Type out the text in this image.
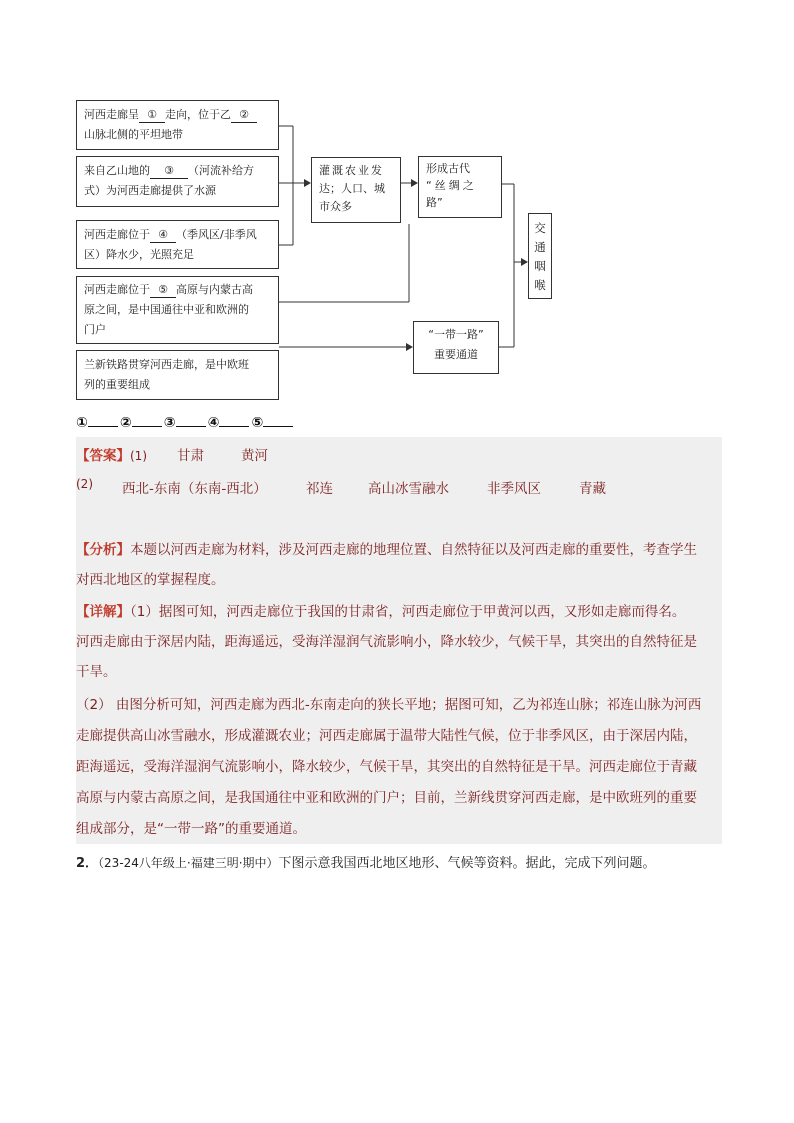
河西走廊呈 ① 走向，位于乙 ②
山脉北侧的平坦地带
来自乙山地的 ③ （河流补给方
式）为河西走廊提供了水源
河西走廊位于 ④ （季风区/非季风
区）降水少，光照充足
河西走廊位于 ⑤ 高原与内蒙古高
原之间，是中国通往中亚和欧洲的
门户
兰新铁路贯穿河西走廊，是中欧班
列的重要组成
灌溉农业发
达；人口、城
市众多
形成古代
“丝绸之
路”
“一带一路”
重要通道
交
通
咽
喉
① ② ③ ④ ⑤
【答案】(1) 甘肃	黄河
(2) 西北-东南（东南-西北）	祁连	高山冰雪融水	非季风区	青藏
【分析】本题以河西走廊为材料，涉及河西走廊的地理位置、自然特征以及河西走廊的重要性，考查学生
对西北地区的掌握程度。
【详解】（1）据图可知，河西走廊位于我国的甘肃省，河西走廊位于甲黄河以西，又形如走廊而得名。
河西走廊由于深居内陆，距海遥远，受海洋湿润气流影响小，降水较少，气候干旱，其突出的自然特征是
干旱。
（2） 由图分析可知，河西走廊为西北-东南走向的狭长平地；据图可知，乙为祁连山脉；祁连山脉为河西
走廊提供高山冰雪融水，形成灌溉农业；河西走廊属于温带大陆性气候，位于非季风区，由于深居内陆，
距海遥远，受海洋湿润气流影响小，降水较少，气候干旱，其突出的自然特征是干旱。河西走廊位于青藏
高原与内蒙古高原之间，是我国通往中亚和欧洲的门户；目前，兰新线贯穿河西走廊，是中欧班列的重要
组成部分，是“一带一路”的重要通道。
2．（23-24八年级上·福建三明·期中）下图示意我国西北地区地形、气候等资料。据此，完成下列问题。
